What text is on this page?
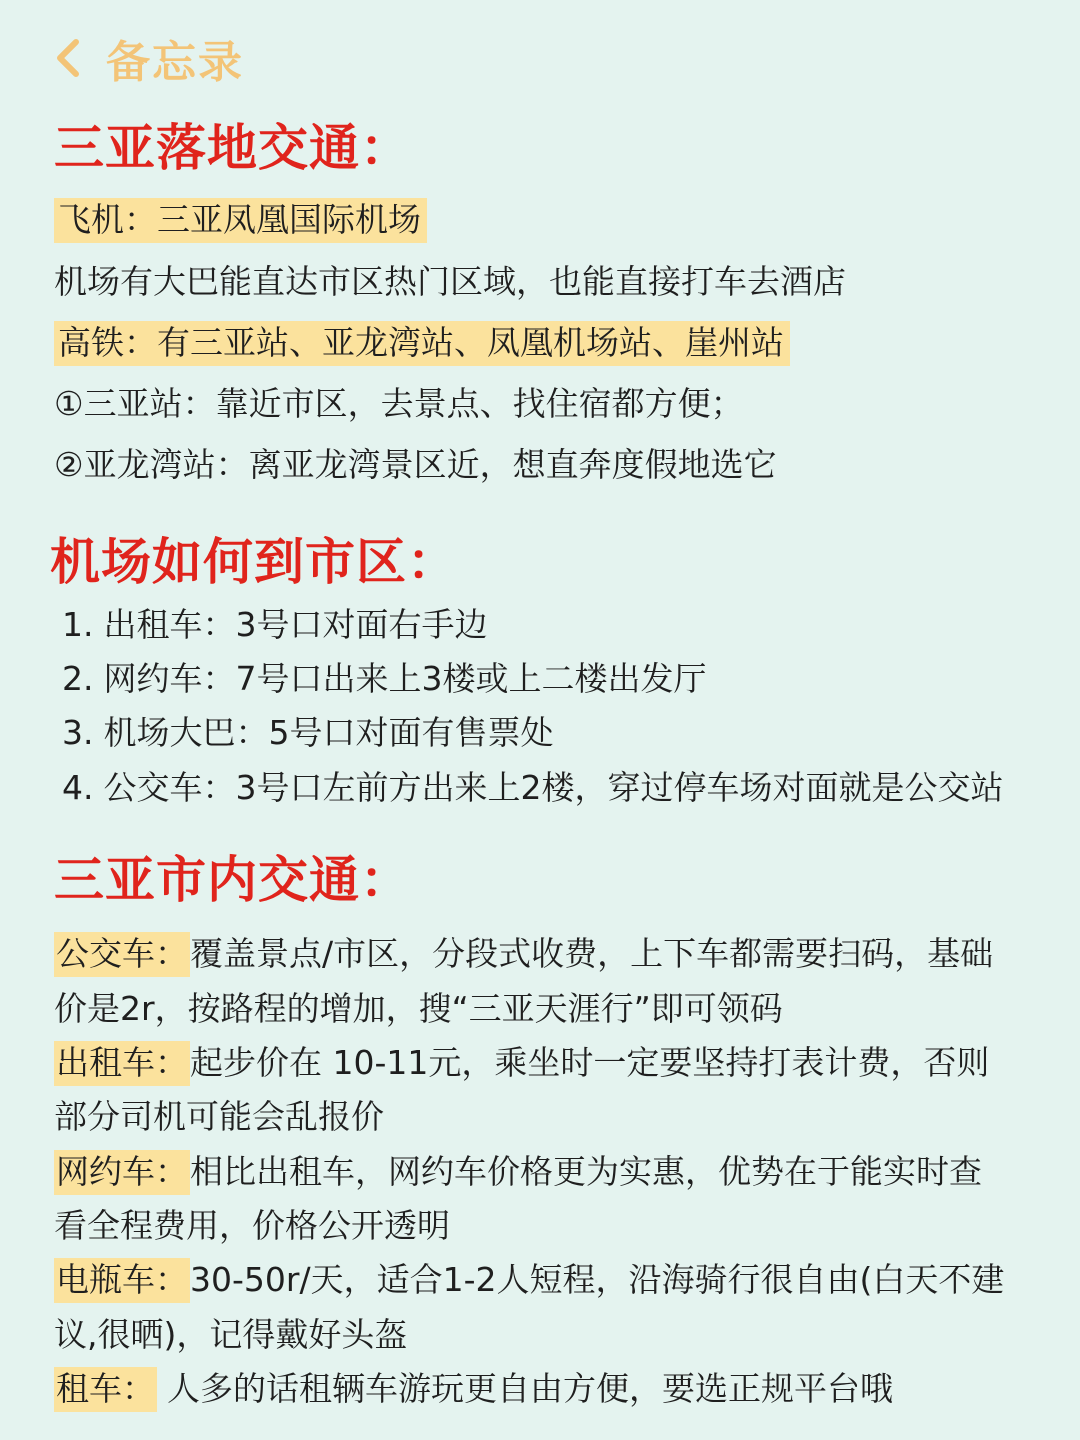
备忘录
三亚落地交通：
飞机：三亚凤凰国际机场
机场有大巴能直达市区热门区域，也能直接打车去酒店
高铁：有三亚站、亚龙湾站、凤凰机场站、崖州站
①三亚站：靠近市区，去景点、找住宿都方便；
②亚龙湾站：离亚龙湾景区近，想直奔度假地选它
机场如何到市区：
1. 出租车：3号口对面右手边
2. 网约车：7号口出来上3楼或上二楼出发厅
3. 机场大巴：5号口对面有售票处
4. 公交车：3号口左前方出来上2楼，穿过停车场对面就是公交站
三亚市内交通：
公交车：覆盖景点/市区，分段式收费，上下车都需要扫码，基础
价是2r，按路程的增加，搜“三亚天涯行”即可领码
出租车：起步价在 10-11元，乘坐时一定要坚持打表计费，否则
部分司机可能会乱报价
网约车：相比出租车，网约车价格更为实惠，优势在于能实时查
看全程费用，价格公开透明
电瓶车：30-50r/天，适合1-2人短程，沿海骑行很自由(白天不建
议,很晒)，记得戴好头盔
租车： 人多的话租辆车游玩更自由方便，要选正规平台哦
